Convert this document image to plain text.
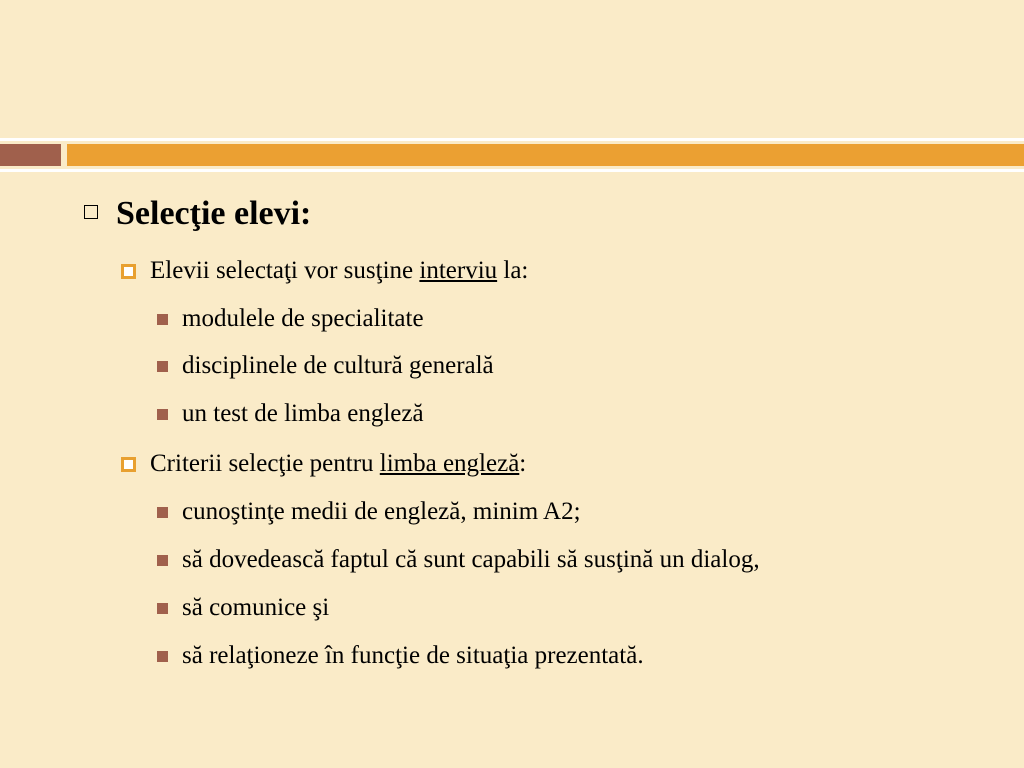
Selecţie elevi:
Elevii selectaţi vor susţine interviu la:
modulele de specialitate
disciplinele de cultură generală
un test de limba engleză
Criterii selecţie pentru limba engleză:
cunoştinţe medii de engleză, minim A2;
să dovedească faptul că sunt capabili să susţină un dialog,
să comunice şi
să relaţioneze în funcţie de situaţia prezentată.
